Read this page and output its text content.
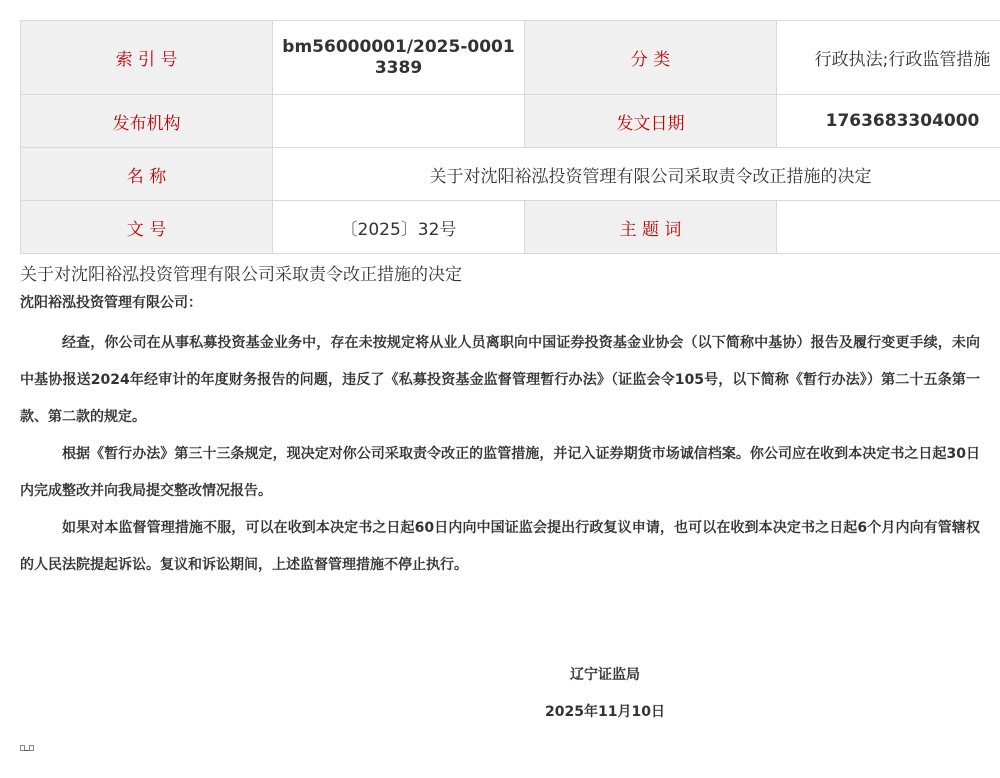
索 引 号	bm56000001/2025-00013389	分 类	行政执法;行政监管措施
发布机构		发文日期	1763683304000
名 称	关于对沈阳裕泓投资管理有限公司采取责令改正措施的决定		
文 号	〔2025〕32号	主 题 词	
关于对沈阳裕泓投资管理有限公司采取责令改正措施的决定

沈阳裕泓投资管理有限公司：

经查，你公司在从事私募投资基金业务中，存在未按规定将从业人员离职向中国证券投资基金业协会（以下简称中基协）报告及履行变更手续，未向中基协报送2024年经审计的年度财务报告的问题，违反了《私募投资基金监督管理暂行办法》（证监会令105号，以下简称《暂行办法》）第二十五条第一款、第二款的规定。

根据《暂行办法》第三十三条规定，现决定对你公司采取责令改正的监管措施，并记入证券期货市场诚信档案。你公司应在收到本决定书之日起30日内完成整改并向我局提交整改情况报告。

如果对本监督管理措施不服，可以在收到本决定书之日起60日内向中国证监会提出行政复议申请，也可以在收到本决定书之日起6个月内向有管辖权的人民法院提起诉讼。复议和诉讼期间，上述监督管理措施不停止执行。

辽宁证监局
2025年11月10日
